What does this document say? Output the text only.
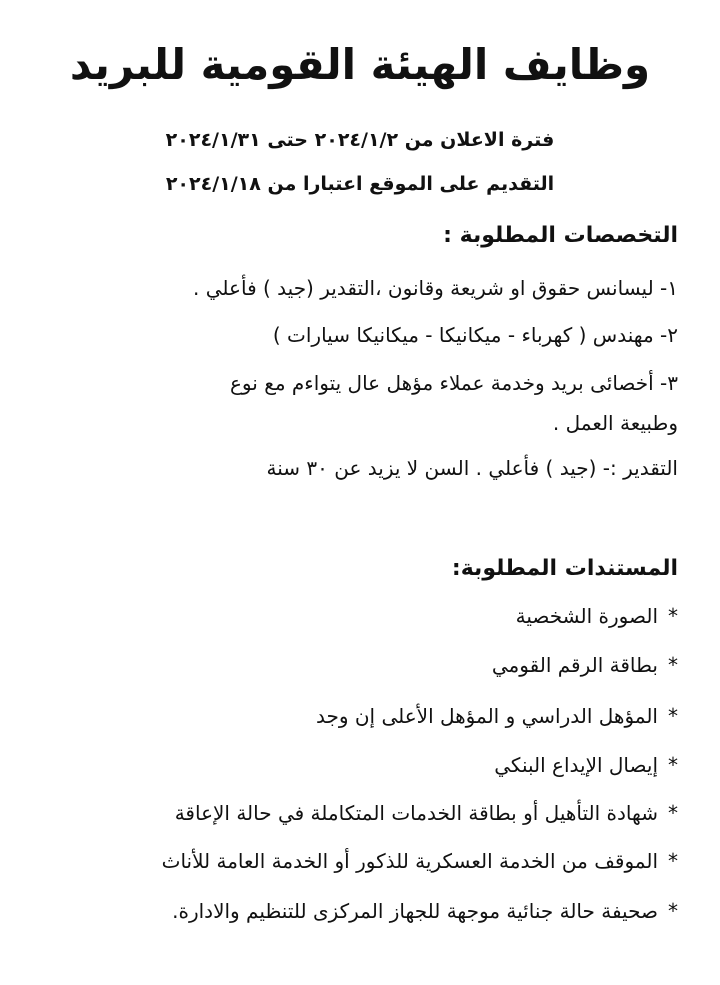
وظايف الهيئة القومية للبريد

فترة الاعلان من ٢٠٢٤/١/٢ حتى ٢٠٢٤/١/٣١

التقديم على الموقع اعتبارا من ٢٠٢٤/١/١٨

التخصصات المطلوبة :

١- ليسانس حقوق او شريعة وقانون ،التقدير (جيد ) فأعلي .

٢- مهندس ( كهرباء - ميكانيكا - ميكانيكا سيارات )

٣- أخصائى بريد وخدمة عملاء مؤهل عال يتواءم مع نوع

وطبيعة العمل .

التقدير :- (جيد ) فأعلي . السن لا يزيد عن ٣٠ سنة

المستندات المطلوبة:

*الصورة الشخصية

*بطاقة الرقم القومي

*المؤهل الدراسي و المؤهل الأعلى إن وجد

*إيصال الإيداع البنكي

*شهادة التأهيل أو بطاقة الخدمات المتكاملة في حالة الإعاقة

*الموقف من الخدمة العسكرية للذكور أو الخدمة العامة للأناث

*صحيفة حالة جنائية موجهة للجهاز المركزى للتنظيم والادارة.
